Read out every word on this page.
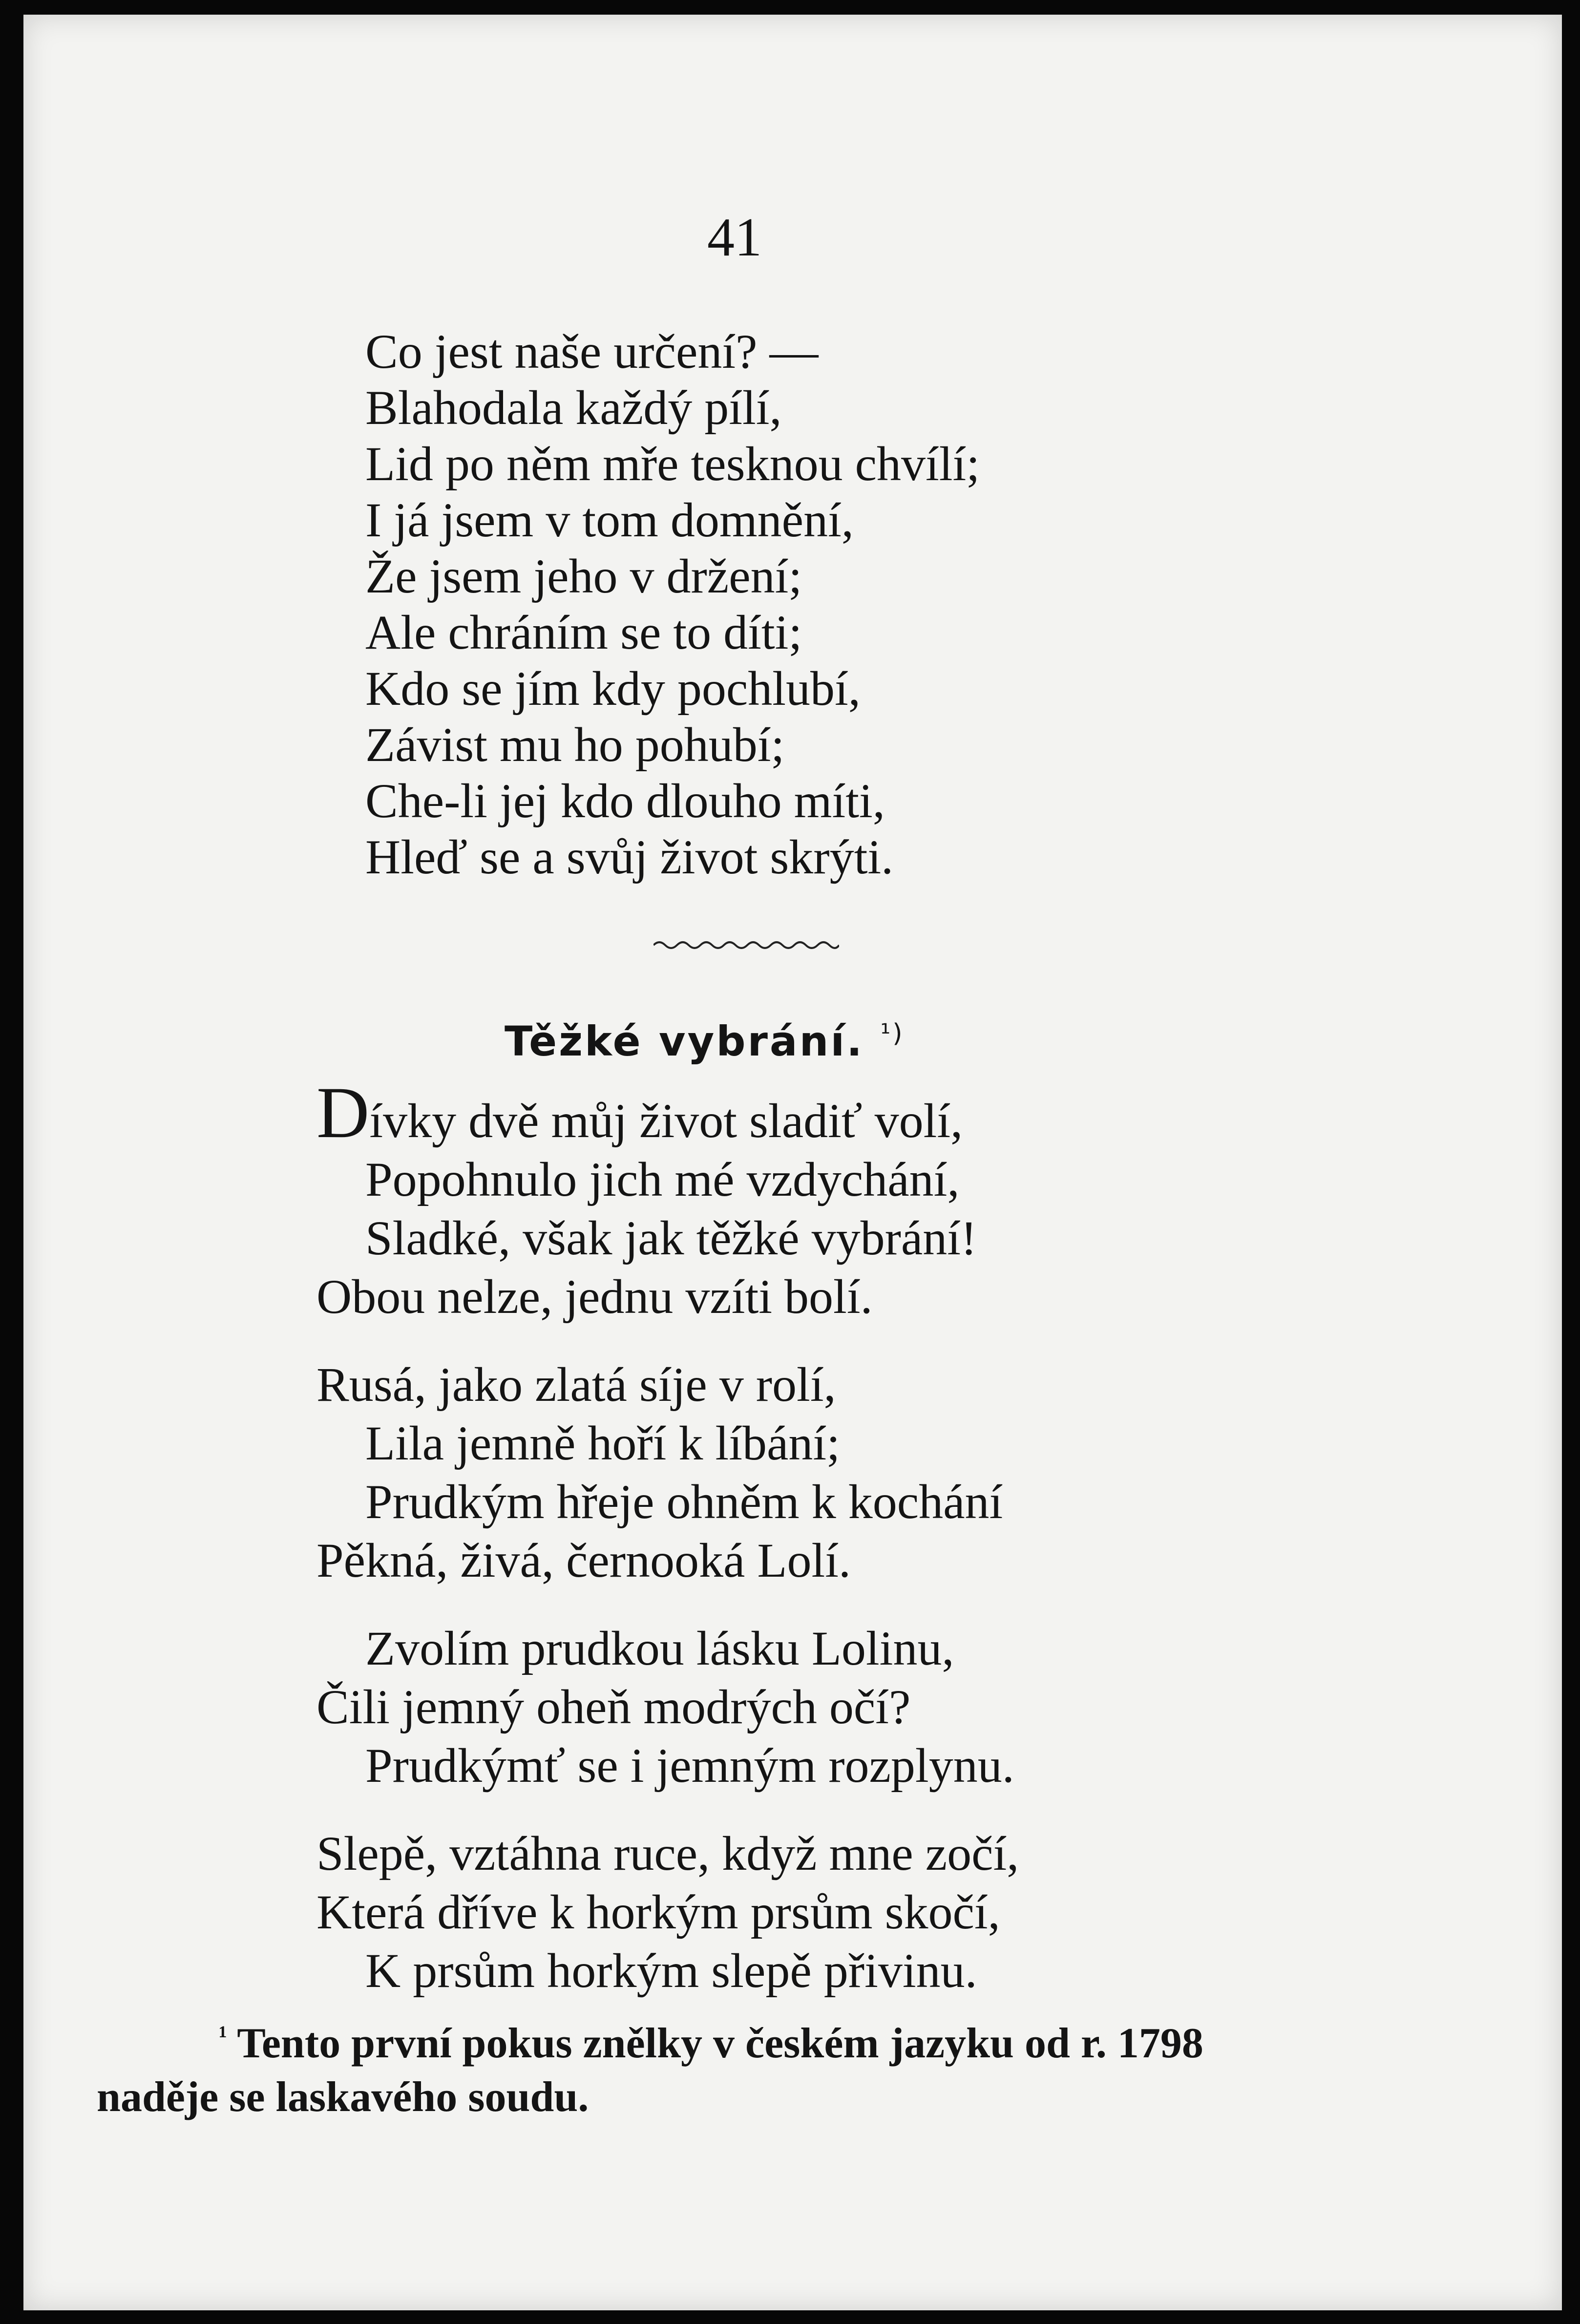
41
Co jest naše určení? —
Blahodala každý pílí,
Lid po něm mře tesknou chvílí;
I já jsem v tom domnění,
Že jsem jeho v držení;
Ale chráním se to díti;
Kdo se jím kdy pochlubí,
Závist mu ho pohubí;
Che-li jej kdo dlouho míti,
Hleď se a svůj život skrýti.
Těžké vybrání. $^{^1)}$
Dívky dvě můj život sladiť volí,
Popohnulo jich mé vzdychání,
Sladké, však jak těžké vybrání!
Obou nelze, jednu vzíti bolí.
Rusá, jako zlatá síje v rolí,
Lila jemně hoří k líbání;
Prudkým hřeje ohněm k kochání
Pěkná, živá, černooká Lolí.
Zvolím prudkou lásku Lolinu,
Čili jemný oheň modrých očí?
Prudkýmť se i jemným rozplynu.
Slepě, vztáhna ruce, když mne zočí,
Která dříve k horkým prsům skočí,
K prsům horkým slepě přivinu.
$^{^1}$ Tento první pokus znělky v českém jazyku od r. 1798
naděje se laskavého soudu.
